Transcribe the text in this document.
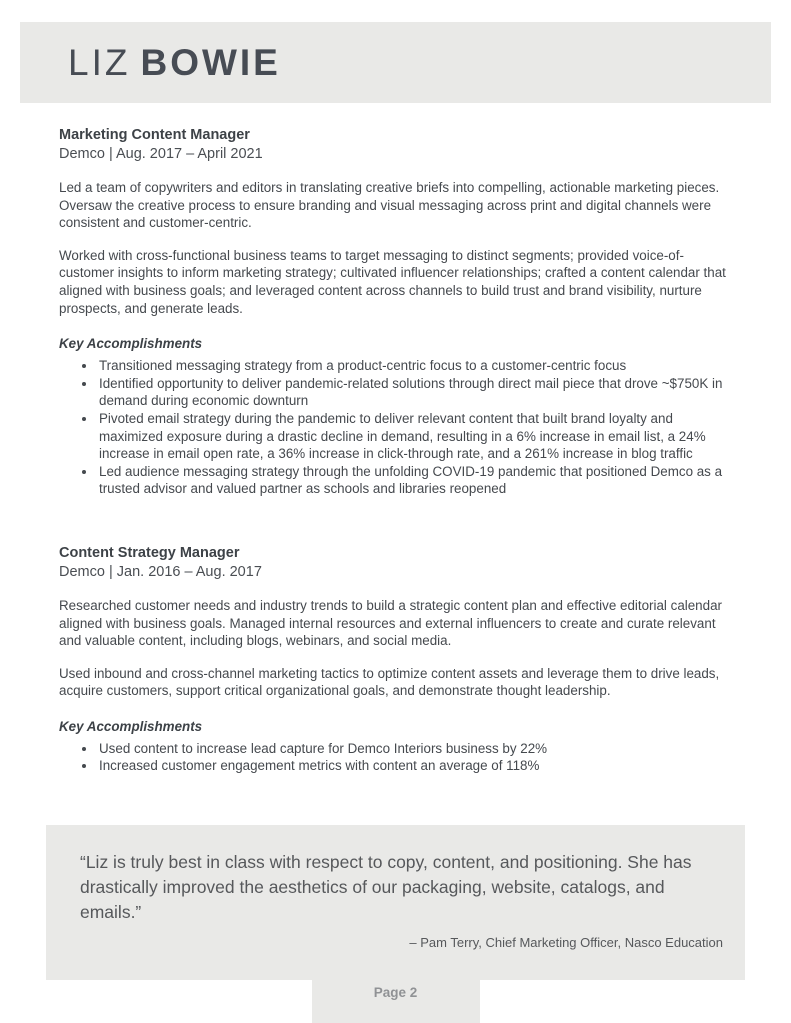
LIZ BOWIE
Marketing Content Manager
Demco | Aug. 2017 – April 2021

Led a team of copywriters and editors in translating creative briefs into compelling, actionable marketing pieces. Oversaw the creative process to ensure branding and visual messaging across print and digital channels were consistent and customer-centric.

Worked with cross-functional business teams to target messaging to distinct segments; provided voice-of-customer insights to inform marketing strategy; cultivated influencer relationships; crafted a content calendar that aligned with business goals; and leveraged content across channels to build trust and brand visibility, nurture prospects, and generate leads.

Key Accomplishments
• Transitioned messaging strategy from a product-centric focus to a customer-centric focus
• Identified opportunity to deliver pandemic-related solutions through direct mail piece that drove ~$750K in demand during economic downturn
• Pivoted email strategy during the pandemic to deliver relevant content that built brand loyalty and maximized exposure during a drastic decline in demand, resulting in a 6% increase in email list, a 24% increase in email open rate, a 36% increase in click-through rate, and a 261% increase in blog traffic
• Led audience messaging strategy through the unfolding COVID-19 pandemic that positioned Demco as a trusted advisor and valued partner as schools and libraries reopened
Content Strategy Manager
Demco | Jan. 2016 – Aug. 2017

Researched customer needs and industry trends to build a strategic content plan and effective editorial calendar aligned with business goals. Managed internal resources and external influencers to create and curate relevant and valuable content, including blogs, webinars, and social media.

Used inbound and cross-channel marketing tactics to optimize content assets and leverage them to drive leads, acquire customers, support critical organizational goals, and demonstrate thought leadership.

Key Accomplishments
• Used content to increase lead capture for Demco Interiors business by 22%
• Increased customer engagement metrics with content an average of 118%
“Liz is truly best in class with respect to copy, content, and positioning. She has drastically improved the aesthetics of our packaging, website, catalogs, and emails.”
– Pam Terry, Chief Marketing Officer, Nasco Education
Page 2
